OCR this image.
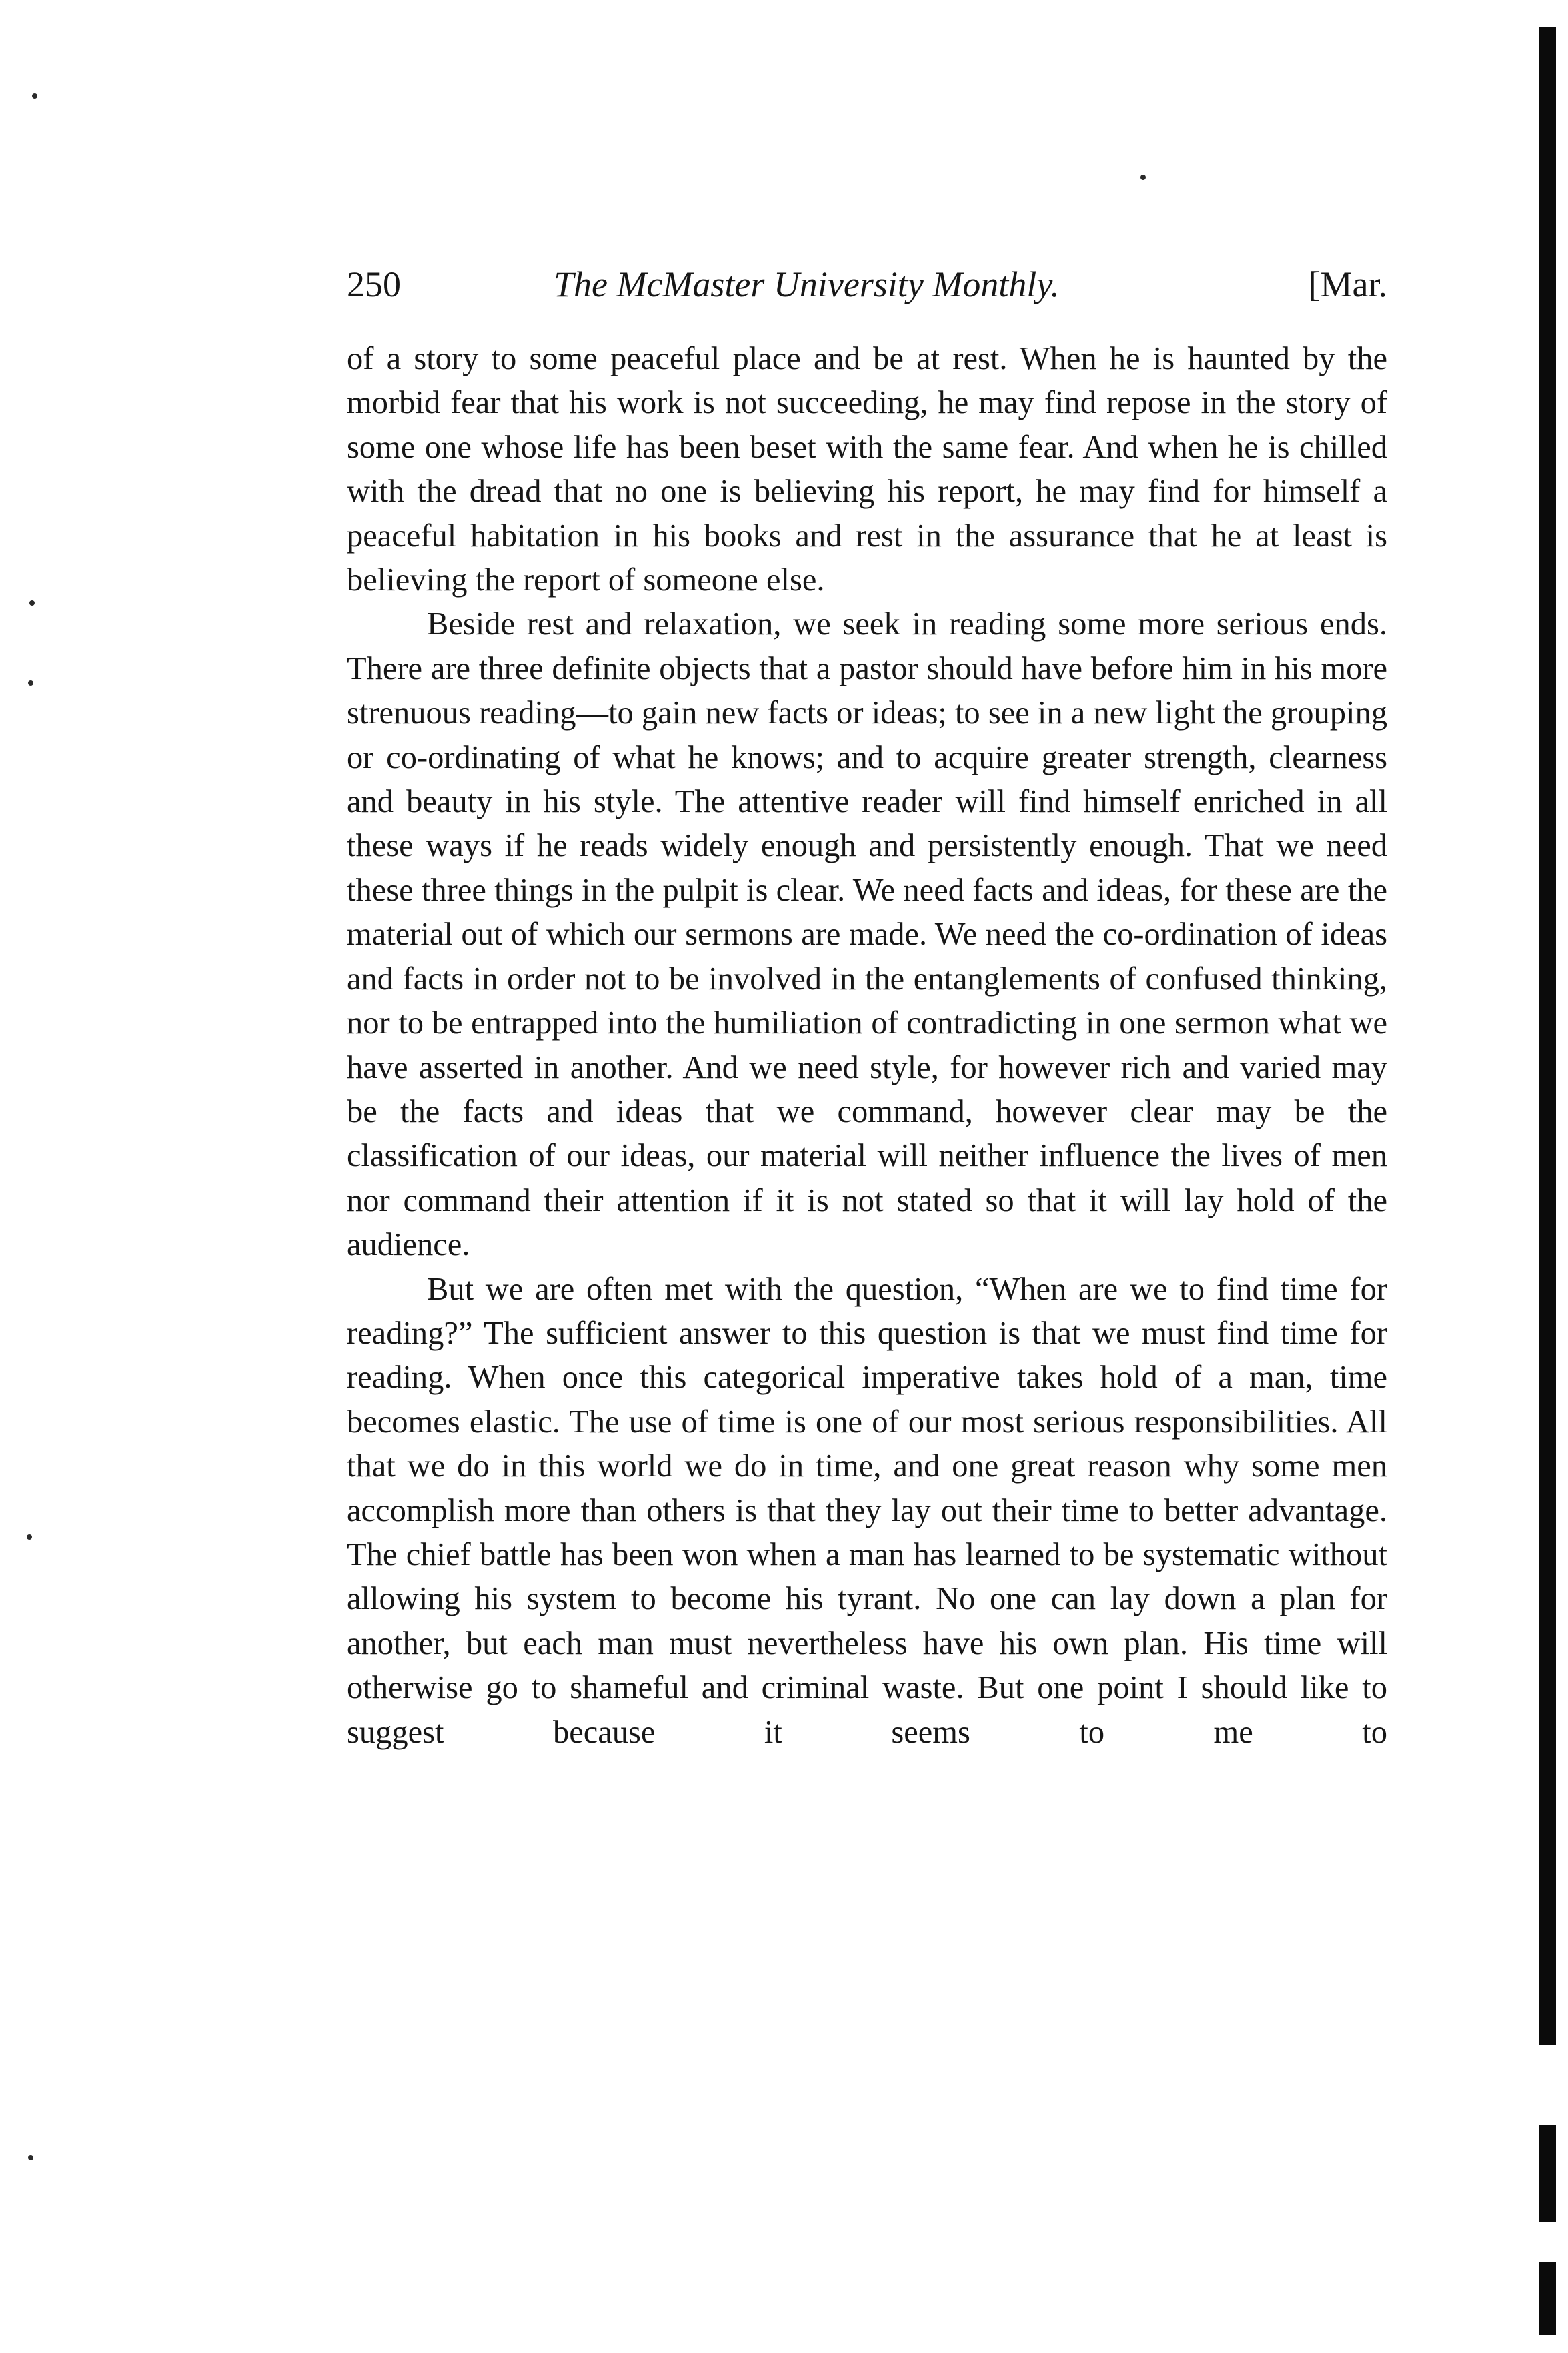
250	The McMaster University Monthly.	[Mar.

of a story to some peaceful place and be at rest. When he is haunted by the morbid fear that his work is not succeeding, he may find repose in the story of some one whose life has been beset with the same fear. And when he is chilled with the dread that no one is believing his report, he may find for himself a peaceful habitation in his books and rest in the assurance that he at least is believing the report of someone else.

Beside rest and relaxation, we seek in reading some more serious ends. There are three definite objects that a pastor should have before him in his more strenuous reading—to gain new facts or ideas; to see in a new light the grouping or co-ordinating of what he knows; and to acquire greater strength, clearness and beauty in his style. The attentive reader will find himself enriched in all these ways if he reads widely enough and persistently enough. That we need these three things in the pulpit is clear. We need facts and ideas, for these are the material out of which our sermons are made. We need the co-ordination of ideas and facts in order not to be involved in the entanglements of confused thinking, nor to be entrapped into the humiliation of contradicting in one sermon what we have asserted in another. And we need style, for however rich and varied may be the facts and ideas that we command, however clear may be the classification of our ideas, our material will neither influence the lives of men nor command their attention if it is not stated so that it will lay hold of the audience.

But we are often met with the question, “When are we to find time for reading?” The sufficient answer to this question is that we must find time for reading. When once this categorical imperative takes hold of a man, time becomes elastic. The use of time is one of our most serious responsibilities. All that we do in this world we do in time, and one great reason why some men accomplish more than others is that they lay out their time to better advantage. The chief battle has been won when a man has learned to be systematic without allowing his system to become his tyrant. No one can lay down a plan for another, but each man must nevertheless have his own plan. His time will otherwise go to shameful and criminal waste. But one point I should like to suggest because it seems to me to
